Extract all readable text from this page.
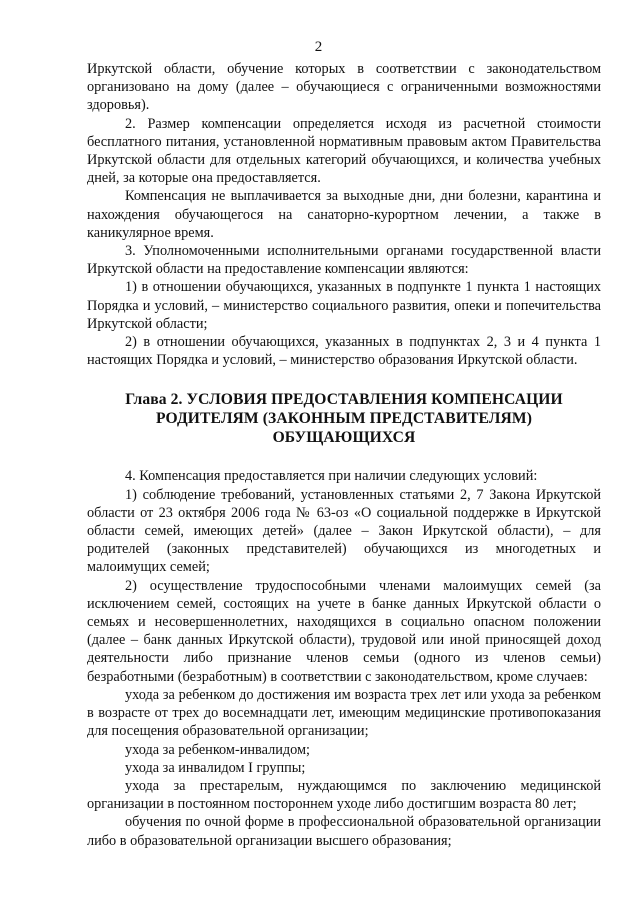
2

Иркутской области, обучение которых в соответствии с законодательством организовано на дому (далее – обучающиеся с ограниченными возможностями здоровья).

2. Размер компенсации определяется исходя из расчетной стоимости бесплатного питания, установленной нормативным правовым актом Правительства Иркутской области для отдельных категорий обучающихся, и количества учебных дней, за которые она предоставляется.

Компенсация не выплачивается за выходные дни, дни болезни, карантина и нахождения обучающегося на санаторно-курортном лечении, а также в каникулярное время.

3. Уполномоченными исполнительными органами государственной власти Иркутской области на предоставление компенсации являются:

1) в отношении обучающихся, указанных в подпункте 1 пункта 1 настоящих Порядка и условий, – министерство социального развития, опеки и попечительства Иркутской области;

2) в отношении обучающихся, указанных в подпунктах 2, 3 и 4 пункта 1 настоящих Порядка и условий, – министерство образования Иркутской области.

Глава 2. УСЛОВИЯ ПРЕДОСТАВЛЕНИЯ КОМПЕНСАЦИИ
РОДИТЕЛЯМ (ЗАКОННЫМ ПРЕДСТАВИТЕЛЯМ) ОБУЩАЮЩИХСЯ

4. Компенсация предоставляется при наличии следующих условий:

1) соблюдение требований, установленных статьями 2, 7 Закона Иркутской области от 23 октября 2006 года № 63-оз «О социальной поддержке в Иркутской области семей, имеющих детей» (далее – Закон Иркутской области), – для родителей (законных представителей) обучающихся из многодетных и малоимущих семей;

2) осуществление трудоспособными членами малоимущих семей (за исключением семей, состоящих на учете в банке данных Иркутской области о семьях и несовершеннолетних, находящихся в социально опасном положении (далее – банк данных Иркутской области), трудовой или иной приносящей доход деятельности либо признание членов семьи (одного из членов семьи) безработными (безработным) в соответствии с законодательством, кроме случаев:

ухода за ребенком до достижения им возраста трех лет или ухода за ребенком в возрасте от трех до восемнадцати лет, имеющим медицинские противопоказания для посещения образовательной организации;

ухода за ребенком-инвалидом;

ухода за инвалидом I группы;

ухода за престарелым, нуждающимся по заключению медицинской организации в постоянном постороннем уходе либо достигшим возраста 80 лет;

обучения по очной форме в профессиональной образовательной организации либо в образовательной организации высшего образования;
